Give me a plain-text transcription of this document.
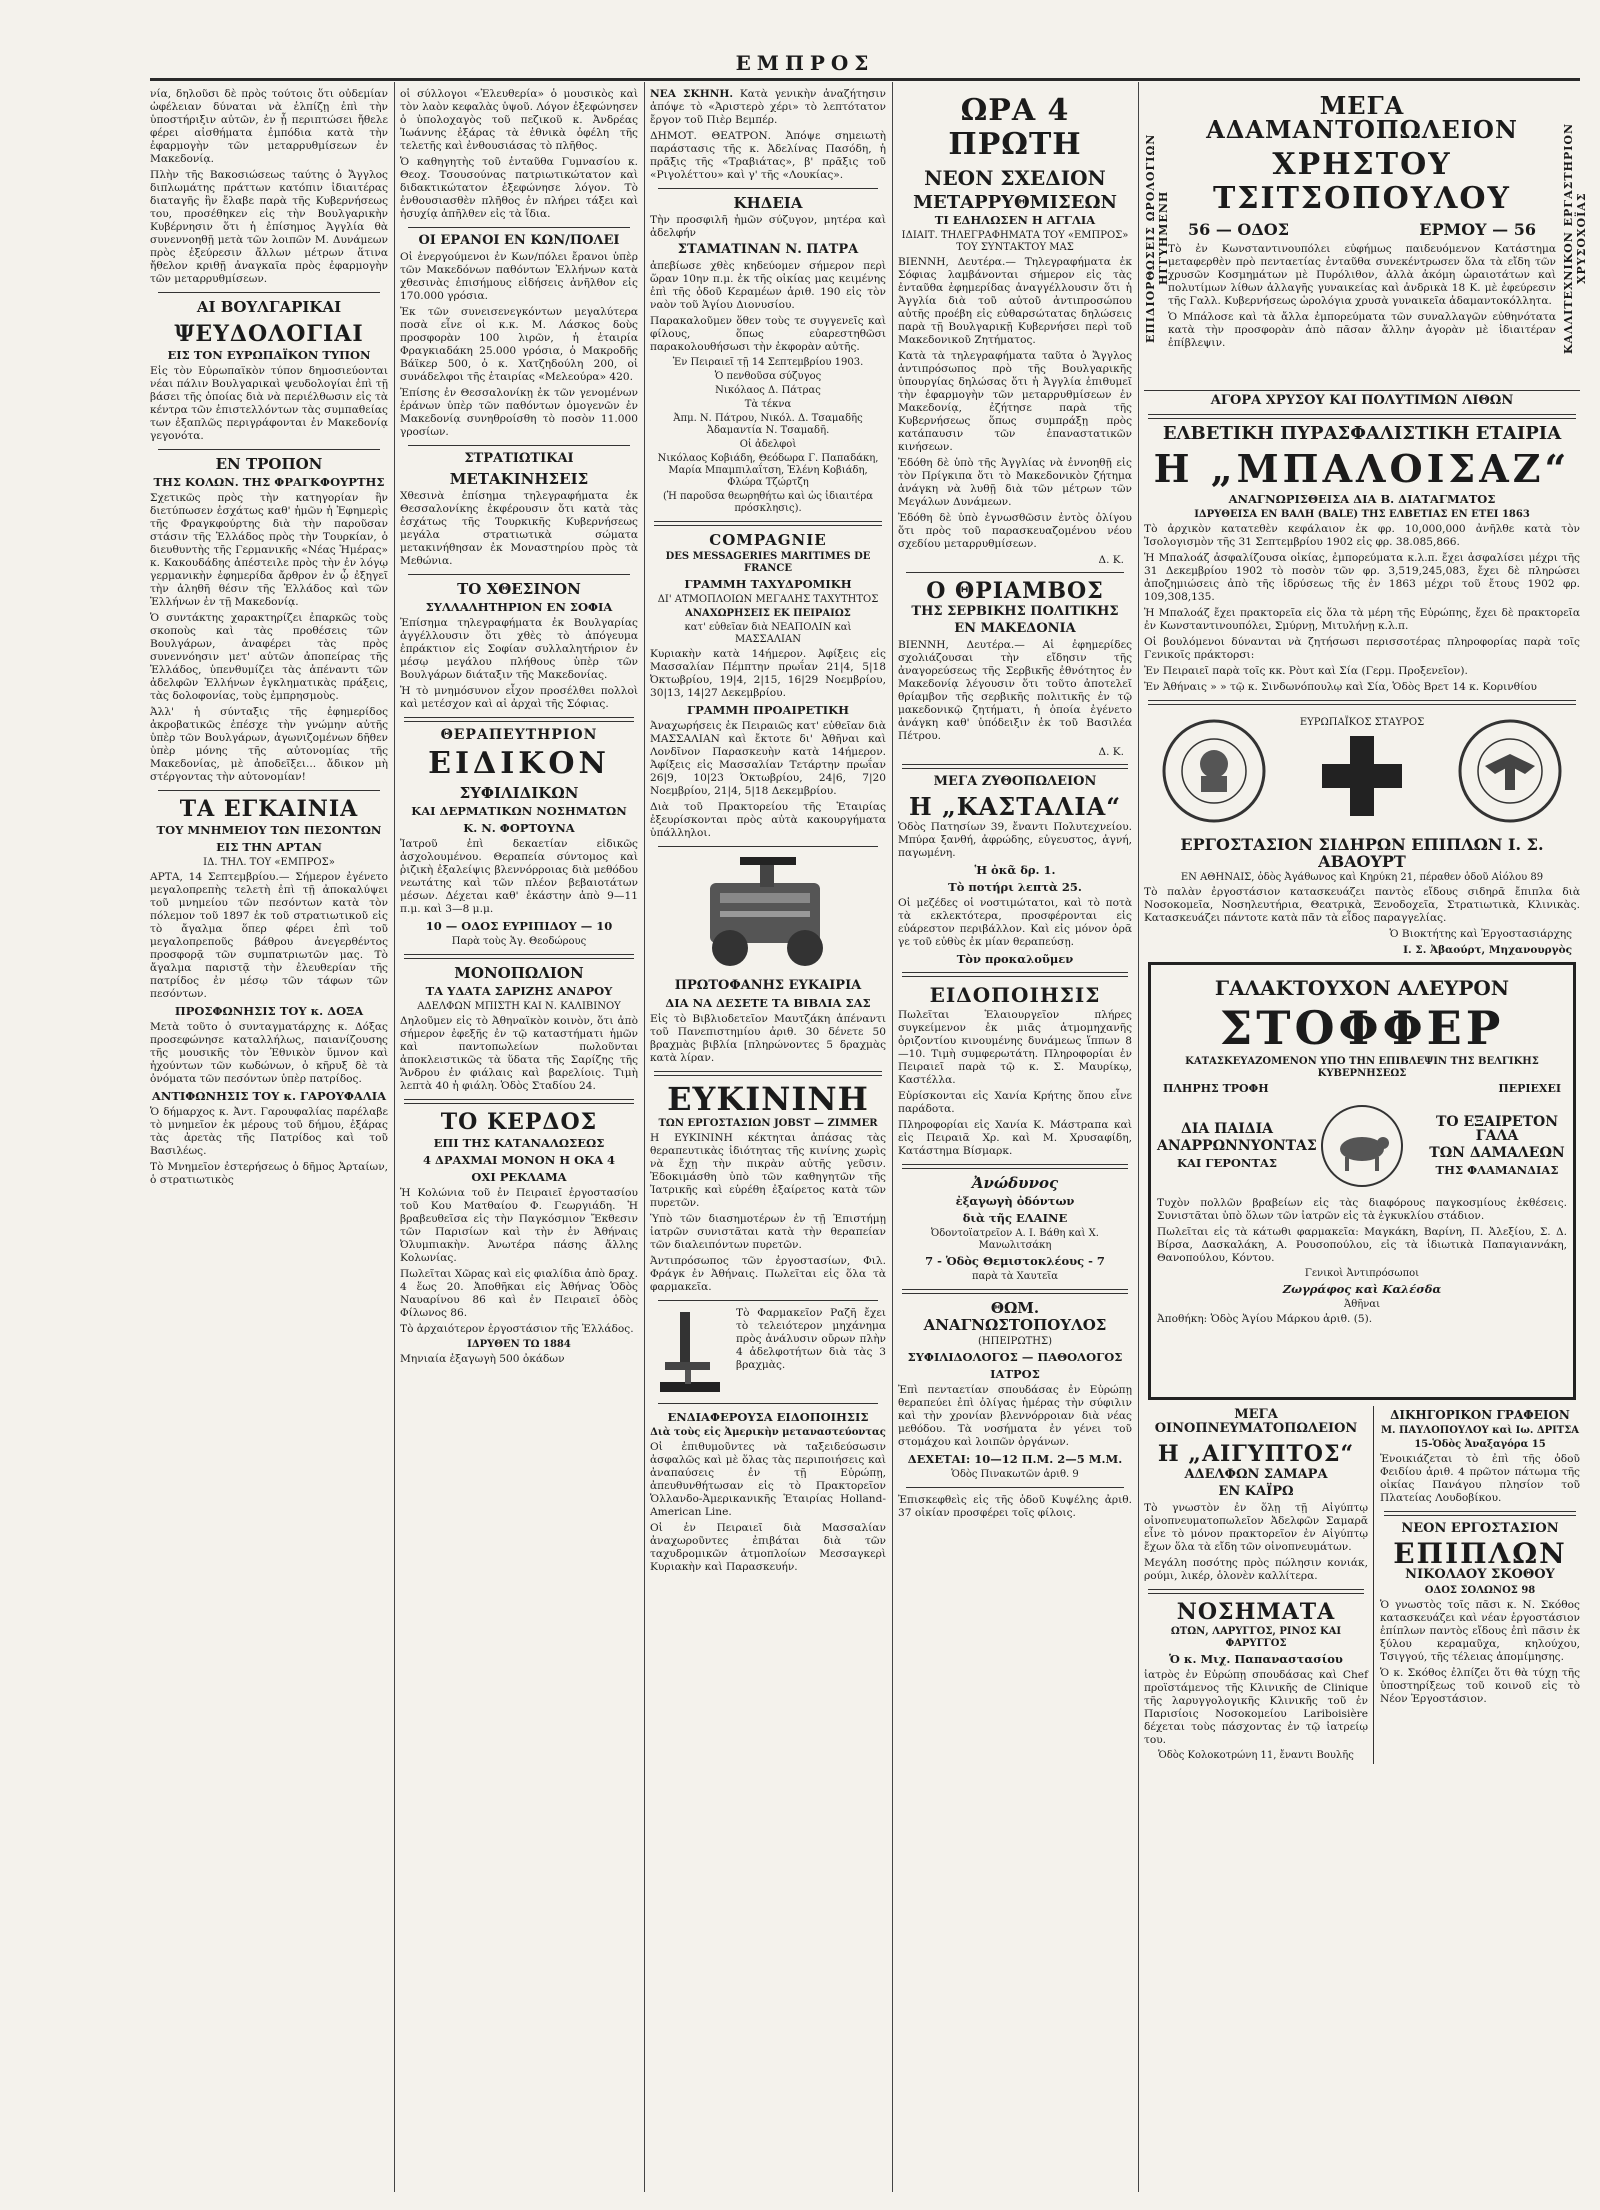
ΕΜΠΡΟΣ

νία, δηλοῦσι δὲ πρὸς τούτοις ὅτι οὐδεμίαν ὠφέλειαν δύναται νὰ ἐλπίζῃ ἐπὶ τὴν ὑποστήριξιν αὐτῶν, ἐν ᾗ περιπτώσει ἤθελε φέρει αἰσθήματα ἐμπόδια κατὰ τὴν ἐφαρμογὴν τῶν μεταρρυθμίσεων ἐν Μακεδονίᾳ.

Πλὴν τῆς Βακοσιώσεως ταύτης ὁ Ἄγγλος διπλωμάτης πράττων κατόπιν ἰδιαιτέρας διαταγῆς ἣν ἔλαβε παρὰ τῆς Κυβερνήσεως του, προσέθηκεν εἰς τὴν Βουλγαρικὴν Κυβέρνησιν ὅτι ἡ ἐπίσημος Ἀγγλία θὰ συνεννοηθῇ μετὰ τῶν λοιπῶν Μ. Δυνάμεων πρὸς ἐξεύρεσιν ἄλλων μέτρων ἅτινα ἤθελον κριθῇ ἀναγκαῖα πρὸς ἐφαρμογὴν τῶν μεταρρυθμίσεων.

ΑΙ ΒΟΥΛΓΑΡΙΚΑΙ
ΨΕΥΔΟΛΟΓΙΑΙ
ΕΙΣ ΤΟΝ ΕΥΡΩΠΑΪΚΟΝ ΤΥΠΟΝ

Εἰς τὸν Εὐρωπαϊκὸν τύπον δημοσιεύονται νέαι πάλιν Βουλγαρικαὶ ψευδολογίαι ἐπὶ τῇ βάσει τῆς ὁποίας διὰ νὰ περιέλθωσιν εἰς τὰ κέντρα τῶν ἐπιστελλόντων τὰς συμπαθείας των ἐξαπλῶς περιγράφονται ἐν Μακεδονίᾳ γεγονότα.

ΕΝ ΤΡΟΠΟΝ
ΤΗΣ ΚΟΛΩΝ. ΤΗΣ ΦΡΑΓΚΦΟΥΡΤΗΣ

Σχετικῶς πρὸς τὴν κατηγορίαν ἣν διετύπωσεν ἐσχάτως καθ' ἡμῶν ἡ Ἐφημερὶς τῆς Φραγκφούρτης διὰ τὴν παροῦσαν στάσιν τῆς Ἑλλάδος πρὸς τὴν Τουρκίαν, ὁ διευθυντὴς τῆς Γερμανικῆς «Νέας Ἡμέρας» κ. Κακουδάδης ἀπέστειλε πρὸς τὴν ἐν λόγῳ γερμανικὴν ἐφημερίδα ἄρθρον ἐν ᾧ ἐξηγεῖ τὴν ἀληθῆ θέσιν τῆς Ἑλλάδος καὶ τῶν Ἑλλήνων ἐν τῇ Μακεδονίᾳ.

Ὁ συντάκτης χαρακτηρίζει ἐπαρκῶς τοὺς σκοποὺς καὶ τὰς προθέσεις τῶν Βουλγάρων, ἀναφέρει τὰς πρὸς συνεννόησιν μετ' αὐτῶν ἀποπείρας τῆς Ἑλλάδος, ὑπενθυμίζει τὰς ἀπέναντι τῶν ἀδελφῶν Ἑλλήνων ἐγκληματικὰς πράξεις, τὰς δολοφονίας, τοὺς ἐμπρησμοὺς.

Ἀλλ' ἡ σύνταξις τῆς ἐφημερίδος ἀκροβατικῶς ἐπέσχε τὴν γνώμην αὐτῆς ὑπὲρ τῶν Βουλγάρων, ἀγωνιζομένων δῆθεν ὑπὲρ μόνης τῆς αὐτονομίας τῆς Μακεδονίας, μὲ ἀποδεῖξει... ἄδικον μὴ στέργοντας τὴν αὐτονομίαν!

ΤΑ ΕΓΚΑΙΝΙΑ
ΤΟΥ ΜΝΗΜΕΙΟΥ ΤΩΝ ΠΕΣΟΝΤΩΝ
ΕΙΣ ΤΗΝ ΑΡΤΑΝ
ΙΔ. ΤΗΛ. ΤΟΥ «ΕΜΠΡΟΣ»

ΑΡΤΑ, 14 Σεπτεμβρίου.— Σήμερον ἐγένετο μεγαλοπρεπὴς τελετὴ ἐπὶ τῇ ἀποκαλύψει τοῦ μνημείου τῶν πεσόντων κατὰ τὸν πόλεμον τοῦ 1897 ἐκ τοῦ στρατιωτικοῦ εἰς τὸ ἄγαλμα ὅπερ φέρει ἐπὶ τοῦ μεγαλοπρεποῦς βάθρου ἀνεγερθέντος προσφορᾷ τῶν συμπατριωτῶν μας. Τὸ ἄγαλμα παριστᾷ τὴν ἐλευθερίαν τῆς πατρίδος ἐν μέσῳ τῶν τάφων τῶν πεσόντων.

ΠΡΟΣΦΩΝΗΣΙΣ ΤΟΥ κ. ΔΟΞΑ

Μετὰ τοῦτο ὁ συνταγματάρχης κ. Δόξας προσεφώνησε καταλλήλως, παιανίζουσης τῆς μουσικῆς τὸν Ἐθνικὸν ὕμνον καὶ ἠχούντων τῶν κωδώνων, ὁ κῆρυξ δὲ τὰ ὀνόματα τῶν πεσόντων ὑπὲρ πατρίδος.

ΑΝΤΙΦΩΝΗΣΙΣ ΤΟΥ κ. ΓΑΡΟΥΦΑΛΙΑ

Ὁ δήμαρχος κ. Ἀντ. Γαρουφαλίας παρέλαβε τὸ μνημεῖον ἐκ μέρους τοῦ δήμου, ἐξάρας τὰς ἀρετὰς τῆς Πατρίδος καὶ τοῦ Βασιλέως.

Τὸ Μνημεῖον ἐστερήσεως ὁ δῆμος Ἀρταίων, ὁ στρατιωτικὸς

οἱ σύλλογοι «Ἐλευθερία» ὁ μουσικὸς καὶ τὸν λαὸν κεφαλὰς ὑψοῦ. Λόγον ἐξεφώνησεν ὁ ὑπολοχαγὸς τοῦ πεζικοῦ κ. Ἀνδρέας Ἰωάννης ἐξάρας τὰ ἐθνικὰ ὀφέλη τῆς τελετῆς καὶ ἐνθουσιάσας τὸ πλῆθος.

Ὁ καθηγητὴς τοῦ ἐνταῦθα Γυμνασίου κ. Θεοχ. Τσουσούνας πατριωτικώτατον καὶ διδακτικώτατον ἐξεφώνησε λόγον. Τὸ ἐνθουσιασθὲν πλῆθος ἐν πλήρει τάξει καὶ ἡσυχίᾳ ἀπῆλθεν εἰς τὰ ἴδια.

ΟΙ ΕΡΑΝΟΙ ΕΝ ΚΩΝ/ΠΟΛΕΙ

Οἱ ἐνεργούμενοι ἐν Κων/πόλει ἔρανοι ὑπὲρ τῶν Μακεδόνων παθόντων Ἑλλήνων κατὰ χθεσινὰς ἐπισήμους εἰδήσεις ἀνῆλθον εἰς 170.000 γρόσια.

Ἐκ τῶν συνεισενεγκόντων μεγαλύτερα ποσὰ εἶνε οἱ κ.κ. Μ. Λάσκος δοὺς προσφορὰν 100 λιρῶν, ἡ ἑταιρία Φραγκιαδάκη 25.000 γρόσια, ὁ Μακροδῆς Βάϊκερ 500, ὁ κ. Χατζηδούλη 200, οἱ συνάδελφοι τῆς ἑταιρίας «Μελεούρα» 420.

Ἐπίσης ἐν Θεσσαλονίκῃ ἐκ τῶν γενομένων ἐράνων ὑπὲρ τῶν παθόντων ὁμογενῶν ἐν Μακεδονίᾳ συνηθροίσθη τὸ ποσὸν 11.000 γροσίων.

ΣΤΡΑΤΙΩΤΙΚΑΙ
ΜΕΤΑΚΙΝΗΣΕΙΣ

Χθεσινὰ ἐπίσημα τηλεγραφήματα ἐκ Θεσσαλονίκης ἐκφέρουσιν ὅτι κατὰ τὰς ἐσχάτως τῆς Τουρκικῆς Κυβερνήσεως μεγάλα στρατιωτικὰ σώματα μετακινήθησαν ἐκ Μοναστηρίου πρὸς τὰ Μεθώνια.

ΤΟ ΧΘΕΣΙΝΟΝ
ΣΥΛΛΑΛΗΤΗΡΙΟΝ ΕΝ ΣΟΦΙΑ

Ἐπίσημα τηλεγραφήματα ἐκ Βουλγαρίας ἀγγέλλουσιν ὅτι χθὲς τὸ ἀπόγευμα ἐπράκτιον εἰς Σοφίαν συλλαλητήριον ἐν μέσῳ μεγάλου πλήθους ὑπὲρ τῶν Βουλγάρων διάταξιν τῆς Μακεδονίας.

Ἡ τὸ μνημόσυνον εἶχον προσέλθει πολλοὶ καὶ μετέσχον καὶ αἱ ἀρχαὶ τῆς Σόφιας.

ΘΕΡΑΠΕΥΤΗΡΙΟΝ
ΕΙΔΙΚΟΝ
ΣΥΦΙΛΙΔΙΚΩΝ
ΚΑΙ ΔΕΡΜΑΤΙΚΩΝ ΝΟΣΗΜΑΤΩΝ
Κ. Ν. ΦΟΡΤΟΥΝΑ

Ἰατροῦ ἐπὶ δεκαετίαν εἰδικῶς ἀσχολουμένου. Θεραπεία σύντομος καὶ ῥιζικὴ ἐξαλείψις βλεννόρροιας διὰ μεθόδου νεωτάτης καὶ τῶν πλέον βεβαιοτάτων μέσων. Δέχεται καθ' ἑκάστην ἀπὸ 9—11 π.μ. καὶ 3—8 μ.μ.

10 — ΟΔΟΣ ΕΥΡΙΠΙΔΟΥ — 10
Παρὰ τοὺς Ἁγ. Θεοδώρους
ΜΟΝΟΠΩΛΙΟΝ
ΤΑ ΥΔΑΤΑ ΣΑΡΙΖΗΣ ΑΝΔΡΟΥ
ΑΔΕΛΦΩΝ ΜΠΙΣΤΗ ΚΑΙ Ν. ΚΑΛΙΒΙΝΟΥ

Δηλοῦμεν εἰς τὸ Ἀθηναϊκὸν κοινὸν, ὅτι ἀπὸ σήμερον ἐφεξῆς ἐν τῷ καταστήματι ἡμῶν καὶ παντοπωλείων πωλοῦνται ἀποκλειστικῶς τὰ ὕδατα τῆς Σαρίζης τῆς Ἄνδρου ἐν φιάλαις καὶ βαρελίοις. Τιμὴ λεπτὰ 40 ἡ φιάλη. Ὁδὸς Σταδίου 24.

ΤΟ ΚΕΡΔΟΣ
ΕΠΙ ΤΗΣ ΚΑΤΑΝΑΛΩΣΕΩΣ
4 ΔΡΑΧΜΑΙ ΜΟΝΟΝ Η ΟΚΑ 4
ΟΧΙ ΡΕΚΛΑΜΑ

Ἡ Κολώνια τοῦ ἐν Πειραιεῖ ἐργοστασίου τοῦ Κου Ματθαίου Φ. Γεωργιάδη. Ἡ βραβευθεῖσα εἰς τὴν Παγκόσμιον Ἔκθεσιν τῶν Παρισίων καὶ τὴν ἐν Ἀθήναις Ὀλυμπιακὴν. Ἀνωτέρα πάσης ἄλλης Κολωνίας.

Πωλεῖται Χῶρας καὶ εἰς φιαλίδια ἀπὸ δραχ. 4 ἕως 20. Ἀποθῆκαι εἰς Ἀθήνας Ὁδὸς Ναυαρίνου 86 καὶ ἐν Πειραιεῖ ὁδὸς Φίλωνος 86.

Τὸ ἀρχαιότερον ἐργοστάσιον τῆς Ἑλλάδος.

ΙΔΡΥΘΕΝ ΤΩ 1884

Μηνιαία ἐξαγωγὴ 500 ὀκάδων

ΝΕΑ ΣΚΗΝΗ. Κατὰ γενικὴν ἀναζήτησιν ἀπόψε τὸ «Ἀριστερὸ χέρι» τὸ λεπτότατον ἔργον τοῦ Πιὲρ Βεμπέρ.

ΔΗΜΟΤ. ΘΕΑΤΡΟΝ. Ἀπόψε σημειωτὴ παράστασις τῆς κ. Ἀδελίνας Πασόδη, ἡ πρᾶξις τῆς «Τραβιάτας», β' πρᾶξις τοῦ «Ριγολέττου» καὶ γ' τῆς «Λουκίας».

ΚΗΔΕΙΑ

Τὴν προσφιλῆ ἡμῶν σύζυγον, μητέρα καὶ ἀδελφήν

ΣΤΑΜΑΤΙΝΑΝ Ν. ΠΑΤΡΑ

ἀπεβίωσε χθὲς κηδεύομεν σήμερον περὶ ὥραν 10ην π.μ. ἐκ τῆς οἰκίας μας κειμένης ἐπὶ τῆς ὁδοῦ Κεραμέων ἀριθ. 190 εἰς τὸν ναὸν τοῦ Ἁγίου Διονυσίου.

Παρακαλοῦμεν ὅθεν τοὺς τε συγγενεῖς καὶ φίλους, ὅπως εὐαρεστηθῶσι παρακολουθήσωσι τὴν ἐκφορὰν αὐτῆς.

Ἐν Πειραιεῖ τῇ 14 Σεπτεμβρίου 1903.
Ὁ πενθοῦσα σύζυγος
Νικόλαος Δ. Πάτρας
Τὰ τέκνα
Ἀπμ. Ν. Πάτρου, Νικόλ. Δ. Τσαμαδῆς Ἀδαμαντία Ν. Τσαμαδῆ.
Οἱ ἀδελφοὶ
Νικόλαος Κοβιάδη, Θεόδωρα Γ. Παπαδάκη, Μαρία Μπαμπιλαΐτση, Ἑλένη Κοβιάδη, Φλώρα Τζώρτζη
(Ἡ παροῦσα θεωρηθήτω καὶ ὡς ἰδιαιτέρα πρόσκλησις).
COMPAGNIE
DES MESSAGERIES MARITIMES DE FRANCE
ΓΡΑΜΜΗ ΤΑΧΥΔΡΟΜΙΚΗ
ΔΙ' ΑΤΜΟΠΛΟΙΩΝ ΜΕΓΑΛΗΣ ΤΑΧΥΤΗΤΟΣ
ΑΝΑΧΩΡΗΣΕΙΣ ΕΚ ΠΕΙΡΑΙΩΣ
κατ' εὐθεῖαν διὰ ΝΕΑΠΟΛΙΝ καὶ ΜΑΣΣΑΛΙΑΝ

Κυριακὴν κατὰ 14ήμερον. Ἀφίξεις εἰς Μασσαλίαν Πέμπτην πρωΐαν 21|4, 5|18 Ὀκτωβρίου, 19|4, 2|15, 16|29 Νοεμβρίου, 30|13, 14|27 Δεκεμβρίου.

ΓΡΑΜΜΗ ΠΡΟΑΙΡΕΤΙΚΗ

Ἀναχωρήσεις ἐκ Πειραιῶς κατ' εὐθεῖαν διὰ ΜΑΣΣΑΛΙΑΝ καὶ ἔκτοτε δι' Ἀθῆναι καὶ Λονδῖνον Παρασκευὴν κατὰ 14ήμερον. Ἀφίξεις εἰς Μασσαλίαν Τετάρτην πρωΐαν 26|9, 10|23 Ὀκτωβρίου, 24|6, 7|20 Νοεμβρίου, 21|4, 5|18 Δεκεμβρίου.

Διὰ τοῦ Πρακτορείου τῆς Ἑταιρίας ἐξευρίσκονται πρὸς αὐτὰ κακουργήματα ὑπάλληλοι.

ΠΡΩΤΟΦΑΝΗΣ ΕΥΚΑΙΡΙΑ
ΔΙΑ ΝΑ ΔΕΣΕΤΕ ΤΑ ΒΙΒΛΙΑ ΣΑΣ

Εἰς τὸ Βιβλιοδετεῖον Μαυτζάκη ἀπέναντι τοῦ Πανεπιστημίου ἀριθ. 30 δένετε 50 βραχμὰς βιβλία [πληρώνοντες 5 δραχμὰς κατὰ λίραν.

ΕΥΚΙΝΙΝΗ
ΤΩΝ ΕΡΓΟΣΤΑΣΙΩΝ JOBST — ZIMMER

Η ΕΥΚΙΝΙΝΗ κέκτηται ἀπάσας τὰς θεραπευτικὰς ἰδιότητας τῆς κινίνης χωρὶς νὰ ἔχῃ τὴν πικρὰν αὐτῆς γεῦσιν. Ἐδοκιμάσθη ὑπὸ τῶν καθηγητῶν τῆς Ἰατρικῆς καὶ εὑρέθη ἐξαίρετος κατὰ τῶν πυρετῶν.

Ὑπὸ τῶν διασημοτέρων ἐν τῇ Ἐπιστήμῃ ἰατρῶν συνιστᾶται κατὰ τὴν θεραπείαν τῶν διαλειπόντων πυρετῶν.

Ἀντιπρόσωπος τῶν ἐργοστασίων, Φιλ. Φράγκ ἐν Ἀθήναις. Πωλεῖται εἰς ὅλα τὰ φαρμακεῖα.

Τὸ Φαρμακεῖον Ραζῆ ἔχει τὸ τελειότερον μηχάνημα πρὸς ἀνάλυσιν οὔρων πλὴν 4 ἀδελφοτήτων διὰ τὰς 3 βραχμὰς.

ΕΝΔΙΑΦΕΡΟΥΣΑ ΕΙΔΟΠΟΙΗΣΙΣ
Διὰ τοὺς εἰς Ἀμερικὴν μεταναστεύοντας

Οἱ ἐπιθυμοῦντες νὰ ταξειδεύσωσιν ἀσφαλῶς καὶ μὲ ὅλας τὰς περιποιήσεις καὶ ἀναπαύσεις ἐν τῇ Εὐρώπῃ, ἀπευθυνθήτωσαν εἰς τὸ Πρακτορεῖον Ὁλλανδο-Ἀμερικανικῆς Ἑταιρίας Holland-American Line.

Οἱ ἐν Πειραιεῖ διὰ Μασσαλίαν ἀναχωροῦντες ἐπιβάται διὰ τῶν ταχυδρομικῶν ἀτμοπλοίων Μεσσαγκερὶ Κυριακὴν καὶ Παρασκευήν.

ΩΡΑ 4 ΠΡΩΤΗ
ΝΕΟΝ ΣΧΕΔΙΟΝ
ΜΕΤΑΡΡΥΘΜΙΣΕΩΝ
ΤΙ ΕΔΗΛΩΣΕΝ Η ΑΓΓΛΙΑ
ΙΔΙΑΙΤ. ΤΗΛΕΓΡΑΦΗΜΑΤΑ ΤΟΥ «ΕΜΠΡΟΣ» ΤΟΥ ΣΥΝΤΑΚΤΟΥ ΜΑΣ

ΒΙΕΝΝΗ, Δευτέρα.— Τηλεγραφήματα ἐκ Σόφιας λαμβάνονται σήμερον εἰς τὰς ἐνταῦθα ἐφημερίδας ἀναγγέλλουσιν ὅτι ἡ Ἀγγλία διὰ τοῦ αὐτοῦ ἀντιπροσώπου αὐτῆς προέβη εἰς εὐθαρσώτατας δηλώσεις παρὰ τῇ Βουλγαρικῇ Κυβερνήσει περὶ τοῦ Μακεδονικοῦ Ζητήματος.

Κατὰ τὰ τηλεγραφήματα ταῦτα ὁ Ἄγγλος ἀντιπρόσωπος πρὸ τῆς Βουλγαρικῆς ὑπουργίας δηλώσας ὅτι ἡ Ἀγγλία ἐπιθυμεῖ τὴν ἐφαρμογὴν τῶν μεταρρυθμίσεων ἐν Μακεδονίᾳ, ἐζήτησε παρὰ τῆς Κυβερνήσεως ὅπως συμπράξῃ πρὸς κατάπαυσιν τῶν ἐπαναστατικῶν κινήσεων.

Ἐδόθη δὲ ὑπὸ τῆς Ἀγγλίας νὰ ἐννοηθῇ εἰς τὸν Πρίγκιπα ὅτι τὸ Μακεδονικὸν ζήτημα ἀνάγκη νὰ λυθῇ διὰ τῶν μέτρων τῶν Μεγάλων Δυνάμεων.

Ἐδόθη δὲ ὑπὸ ἐγνωσθῶσιν ἐντὸς ὀλίγου ὅτι πρὸς τοῦ παρασκευαζομένου νέου σχεδίου μεταρρυθμίσεων.

Δ. Κ.
Ο ΘΡΙΑΜΒΟΣ
ΤΗΣ ΣΕΡΒΙΚΗΣ ΠΟΛΙΤΙΚΗΣ
ΕΝ ΜΑΚΕΔΟΝΙΑ

ΒΙΕΝΝΗ, Δευτέρα.— Αἱ ἐφημερίδες σχολιάζουσαι τὴν εἴδησιν τῆς ἀναγορεύσεως τῆς Σερβικῆς ἐθνότητος ἐν Μακεδονίᾳ λέγουσιν ὅτι τοῦτο ἀποτελεῖ θρίαμβον τῆς σερβικῆς πολιτικῆς ἐν τῷ μακεδονικῷ ζητήματι, ἡ ὁποία ἐγένετο ἀνάγκη καθ' ὑπόδειξιν ἐκ τοῦ Βασιλέα Πέτρου.

Δ. Κ.
ΜΕΓΑ ΖΥΘΟΠΩΛΕΙΟΝ
Η „ΚΑΣΤΑΛΙΑ“

Ὁδὸς Πατησίων 39, ἔναντι Πολυτεχνείου. Μπύρα ξανθή, ἀφρώδης, εὐγευστος, ἀγνή, παγωμένη.

Ἡ ὀκᾶ δρ. 1.
Τὸ ποτήρι λεπτὰ 25.

Οἱ μεζέδες οἱ νοστιμώτατοι, καὶ τὸ ποτὰ τὰ εκλεκτότερα, προσφέρονται εἰς εὐάρεστον περιβάλλον. Καὶ εἰς μόνον ὀρᾶ γε τοῦ εὐθὺς ἐκ μίαν θεραπεύσῃ.

Τὸν προκαλοῦμεν
ΕΙΔΟΠΟΙΗΣΙΣ

Πωλεῖται Ἑλαιουργεῖον πλήρες συγκείμενον ἐκ μιᾶς ἀτμομηχανῆς ὁριζοντίου κινουμένης δυνάμεως ἵππων 8—10. Τιμὴ συμφερωτάτη. Πληροφορίαι ἐν Πειραιεῖ παρὰ τῷ κ. Σ. Μαυρίκῳ, Καστέλλα.

Εὑρίσκονται εἰς Χανία Κρήτης ὅπου εἶνε παράδοτα.

Πληροφορίαι εἰς Χανία Κ. Μάστραπα καὶ εἰς Πειραιᾶ Χρ. καὶ Μ. Χρυσαφίδη, Κατάστημα Βίσμαρκ.

Ἀνώδυνος
ἐξαγωγὴ ὀδόντων
διὰ τῆς ΕΛΑΙΝΕ
Ὀδοντοϊατρεῖον Α. Ι. Βάθη καὶ Χ. Μανωλιτσάκη
7 - Ὁδὸς Θεμιστοκλέους - 7
παρὰ τὰ Χαυτεῖα
ΘΩΜ. ΑΝΑΓΝΩΣΤΟΠΟΥΛΟΣ
(ΗΠΕΙΡΩΤΗΣ)
ΣΥΦΙΛΙΔΟΛΟΓΟΣ — ΠΑΘΟΛΟΓΟΣ
ΙΑΤΡΟΣ

Ἐπὶ πενταετίαν σπουδάσας ἐν Εὐρώπῃ θεραπεύει ἐπὶ ὀλίγας ἡμέρας τὴν σύφιλιν καὶ τὴν χρονίαν βλεννόρροιαν διὰ νέας μεθόδου. Τὰ νοσήματα ἐν γένει τοῦ στομάχου καὶ λοιπῶν ὀργάνων.

ΔΕΧΕΤΑΙ: 10—12 Π.Μ. 2—5 Μ.Μ.
Ὁδὸς Πινακωτῶν ἀριθ. 9

Ἐπισκεφθεὶς εἰς τῆς ὁδοῦ Κυψέλης ἀριθ. 37 οἰκίαν προσφέρει τοῖς φίλοις.

ΕΠΙΔΙΟΡΘΩΣΕΙΣ ΩΡΟΛΟΓΙΩΝ ΗΓΓΥΗΜΕΝΗ	ΚΑΛΛΙΤΕΧΝΙΚΟΝ ΕΡΓΑΣΤΗΡΙΟΝ ΧΡΥΣΟΧΟΪΑΣ
ΜΕΓΑ ΑΔΑΜΑΝΤΟΠΩΛΕΙΟΝ
ΧΡΗΣΤΟΥ ΤΣΙΤΣΟΠΟΥΛΟΥ
56 — ΟΔΟΣ	ΕΡΜΟΥ — 56

Τὸ ἐν Κωνσταντινουπόλει εὐφήμως παιδευόμενον Κατάστημα μεταφερθὲν πρὸ πενταετίας ἐνταῦθα συνεκέντρωσεν ὅλα τὰ εἴδη τῶν χρυσῶν Κοσμημάτων μὲ Πυρόλιθον, ἀλλὰ ἀκόμη ὡραιοτάτων καὶ πολυτίμων λίθων ἀλλαγῆς γυναικείας καὶ ἀνδρικὰ 18 Κ. μὲ ἐφεύρεσιν τῆς Γαλλ. Κυβερνήσεως ὡρολόγια χρυσὰ γυναικεῖα ἀδαμαντοκόλλητα.

Ὁ Μπάλοσε καὶ τὰ ἄλλα ἐμπορεύματα τῶν συναλλαγῶν εὐθηνότατα κατὰ τὴν προσφορὰν ἀπὸ πᾶσαν ἄλλην ἀγορὰν μὲ ἰδιαιτέραν ἐπίβλεψιν.

ΑΓΟΡΑ ΧΡΥΣΟΥ ΚΑΙ ΠΟΛΥΤΙΜΩΝ ΛΙΘΩΝ
ΕΛΒΕΤΙΚΗ ΠΥΡΑΣΦΑΛΙΣΤΙΚΗ ΕΤΑΙΡΙΑ
Η „ΜΠΑΛΟΙΣΑΖ“
ΑΝΑΓΝΩΡΙΣΘΕΙΣΑ ΔΙΑ Β. ΔΙΑΤΑΓΜΑΤΟΣ
ΙΔΡΥΘΕΙΣΑ ΕΝ ΒΑΛΗ (BALE) ΤΗΣ ΕΛΒΕΤΙΑΣ ΕΝ ΕΤΕΙ 1863

Τὸ ἀρχικὸν κατατεθὲν κεφάλαιον ἐκ φρ. 10,000,000 ἀνῆλθε κατὰ τὸν Ἰσολογισμὸν τῆς 31 Σεπτεμβρίου 1902 εἰς φρ. 38.085,866.

Ἡ Μπαλοάζ ἀσφαλίζουσα οἰκίας, ἐμπορεύματα κ.λ.π. ἔχει ἀσφαλίσει μέχρι τῆς 31 Δεκεμβρίου 1902 τὸ ποσὸν τῶν φρ. 3,519,245,083, ἔχει δὲ πληρώσει ἀποζημιώσεις ἀπὸ τῆς ἱδρύσεως τῆς ἐν 1863 μέχρι τοῦ ἔτους 1902 φρ. 109,308,135.

Ἡ Μπαλοάζ ἔχει πρακτορεῖα εἰς ὅλα τὰ μέρη τῆς Εὐρώπης, ἔχει δὲ πρακτορεῖα ἐν Κωνσταντινουπόλει, Σμύρνῃ, Μιτυλήνῃ κ.λ.π.

Οἱ βουλόμενοι δύνανται νὰ ζητήσωσι περισσοτέρας πληροφορίας παρὰ τοῖς Γενικοῖς πράκτορσι:

Ἐν Πειραιεῖ παρὰ τοῖς κκ. Ρὸυτ καὶ Σία (Γερμ. Προξενεῖον).

Ἐν Ἀθήναις » » τῷ κ. Σινδωνόπουλῳ καὶ Σία, Ὁδὸς Βρετ 14 κ. Κορινθίου

ΕΥΡΩΠΑΪΚΟΣ ΣΤΑΥΡΟΣ
ΕΡΓΟΣΤΑΣΙΟΝ ΣΙΔΗΡΩΝ ΕΠΙΠΛΩΝ Ι. Σ. ΑΒΑΟΥΡΤ
ΕΝ ΑΘΗΝΑΙΣ, ὁδὸς Ἀγάθωνος καὶ Κηρύκη 21, πέραθεν ὁδοῦ Αἰόλου 89

Τὸ παλὰν ἐργοστάσιον κατασκευάζει παντὸς εἴδους σιδηρᾶ ἔπιπλα διὰ Νοσοκομεῖα, Νοσηλευτήρια, Θεατρικὰ, Ξενοδοχεῖα, Στρατιωτικὰ, Κλινικὰς. Κατασκευάζει πάντοτε κατὰ πᾶν τὰ εἶδος παραγγελίας.

Ὁ Βιοκτήτης καὶ Ἐργοστασιάρχης
Ι. Σ. Ἀβαούρτ, Μηχανουργὸς
ΓΑΛΑΚΤΟΥΧΟΝ ΑΛΕΥΡΟΝ
ΣΤΟΦΦΕΡ
ΚΑΤΑΣΚΕΥΑΖΟΜΕΝΟΝ ΥΠΟ ΤΗΝ ΕΠΙΒΛΕΨΙΝ ΤΗΣ ΒΕΛΓΙΚΗΣ ΚΥΒΕΡΝΗΣΕΩΣ
ΠΛΗΡΗΣ ΤΡΟΦΗ	ΠΕΡΙΕΧΕΙ
ΔΙΑ ΠΑΙΔΙΑ
ΑΝΑΡΡΩΝΝΥΟΝΤΑΣ
ΚΑΙ ΓΕΡΟΝΤΑΣ
ΤΟ ΕΞΑΙΡΕΤΟΝ ΓΑΛΑ
ΤΩΝ ΔΑΜΑΛΕΩΝ
ΤΗΣ ΦΛΑΜΑΝΔΙΑΣ

Τυχὸν πολλῶν βραβείων εἰς τὰς διαφόρους παγκοσμίους ἐκθέσεις. Συνιστᾶται ὑπὸ ὅλων τῶν ἰατρῶν εἰς τὰ ἐγκυκλίου στάδιον.

Πωλεῖται εἰς τὰ κάτωθι φαρμακεῖα: Μαγκάκη, Βαρίνη, Π. Ἀλεξίου, Σ. Δ. Βίρσα, Δασκαλάκη, Α. Ρουσοπούλου, εἰς τὰ ἰδιωτικὰ Παπαγιαννάκη, Θανοπούλου, Κόντου.

Γενικοὶ Ἀντιπρόσωποι
Ζωγράφος καὶ Καλέσδα
Ἀθῆναι

Ἀποθήκη: Ὁδὸς Ἁγίου Μάρκου ἀριθ. (5).

ΜΕΓΑ ΟΙΝΟΠΝΕΥΜΑΤΟΠΩΛΕΙΟΝ
Η „ΑΙΓΥΠΤΟΣ“
ΑΔΕΛΦΩΝ ΣΑΜΑΡΑ
ΕΝ ΚΑΪΡΩ

Τὸ γνωστὸν ἐν ὅλῃ τῇ Αἰγύπτῳ οἰνοπνευματοπωλεῖον Ἀδελφῶν Σαμαρᾶ εἶνε τὸ μόνον πρακτορεῖον ἐν Αἰγύπτῳ ἔχων ὅλα τὰ εἴδη τῶν οἰνοπνευμάτων.

Μεγάλη ποσότης πρὸς πώλησιν κονιάκ, ρούμι, λικέρ, ὁλονὲν καλλίτερα.

ΝΟΣΗΜΑΤΑ
ΩΤΩΝ, ΛΑΡΥΓΓΟΣ, ΡΙΝΟΣ ΚΑΙ ΦΑΡΥΓΓΟΣ
Ὁ κ. Μιχ. Παπαναστασίου

ἰατρὸς ἐν Εὐρώπῃ σπουδάσας καὶ Chef προϊστάμενος τῆς Κλινικῆς de Clinique τῆς λαρυγγολογικῆς Κλινικῆς τοῦ ἐν Παρισίοις Νοσοκομείου Lariboisière δέχεται τοὺς πάσχοντας ἐν τῷ ἰατρείῳ του.

Ὁδὸς Κολοκοτρώνη 11, ἔναντι Βουλῆς
ΔΙΚΗΓΟΡΙΚΟΝ ΓΡΑΦΕΙΟΝ
Μ. ΠΑΥΛΟΠΟΥΛΟΥ καὶ Ιω. ΔΡΙΤΣΑ
15-Ὁδὸς Ἀναξαγόρα 15

Ἐνοικιάζεται τὸ ἐπὶ τῆς ὁδοῦ Φειδίου ἀριθ. 4 πρῶτον πάτωμα τῆς οἰκίας Πανάγου πλησίον τοῦ Πλατείας Λουδοβίκου.

ΝΕΟΝ ΕΡΓΟΣΤΑΣΙΟΝ
ΕΠΙΠΛΩΝ
ΝΙΚΟΛΑΟΥ ΣΚΟΘΟΥ
ΟΔΟΣ ΣΟΛΩΝΟΣ 98

Ὁ γνωστὸς τοῖς πᾶσι κ. Ν. Σκόθος κατασκευάζει καὶ νέαν ἐργοστάσιον ἐπίπλων παντὸς εἴδους ἐπὶ πᾶσιν ἐκ ξύλου κεραμαῦχα, κηλούχου, Τσιγγού, τῆς τέλειας ἀπομίμησης.

Ὁ κ. Σκόθος ἐλπίζει ὅτι θὰ τύχῃ τῆς ὑποστηρίξεως τοῦ κοινοῦ εἰς τὸ Νέον Ἐργοστάσιον.
